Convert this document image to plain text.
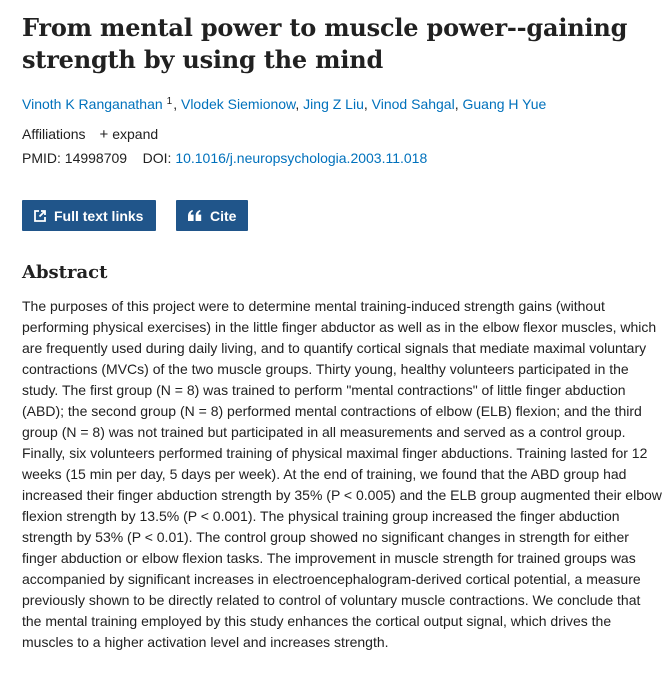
From mental power to muscle power--gaining strength by using the mind
Vinoth K Ranganathan $^1$, Vlodek Siemionow, Jing Z Liu, Vinod Sahgal, Guang H Yue
Affiliations + expand
PMID: 14998709 DOI: 10.1016/j.neuropsychologia.2003.11.018
Full text links	Cite
Abstract

The purposes of this project were to determine mental training-induced strength gains (without performing physical exercises) in the little finger abductor as well as in the elbow flexor muscles, which are frequently used during daily living, and to quantify cortical signals that mediate maximal voluntary contractions (MVCs) of the two muscle groups. Thirty young, healthy volunteers participated in the study. The first group (N = 8) was trained to perform "mental contractions" of little finger abduction (ABD); the second group (N = 8) performed mental contractions of elbow (ELB) flexion; and the third group (N = 8) was not trained but participated in all measurements and served as a control group. Finally, six volunteers performed training of physical maximal finger abductions. Training lasted for 12 weeks (15 min per day, 5 days per week). At the end of training, we found that the ABD group had increased their finger abduction strength by 35% (P < 0.005) and the ELB group augmented their elbow flexion strength by 13.5% (P < 0.001). The physical training group increased the finger abduction strength by 53% (P < 0.01). The control group showed no significant changes in strength for either finger abduction or elbow flexion tasks. The improvement in muscle strength for trained groups was accompanied by significant increases in electroencephalogram-derived cortical potential, a measure previously shown to be directly related to control of voluntary muscle contractions. We conclude that the mental training employed by this study enhances the cortical output signal, which drives the muscles to a higher activation level and increases strength.
